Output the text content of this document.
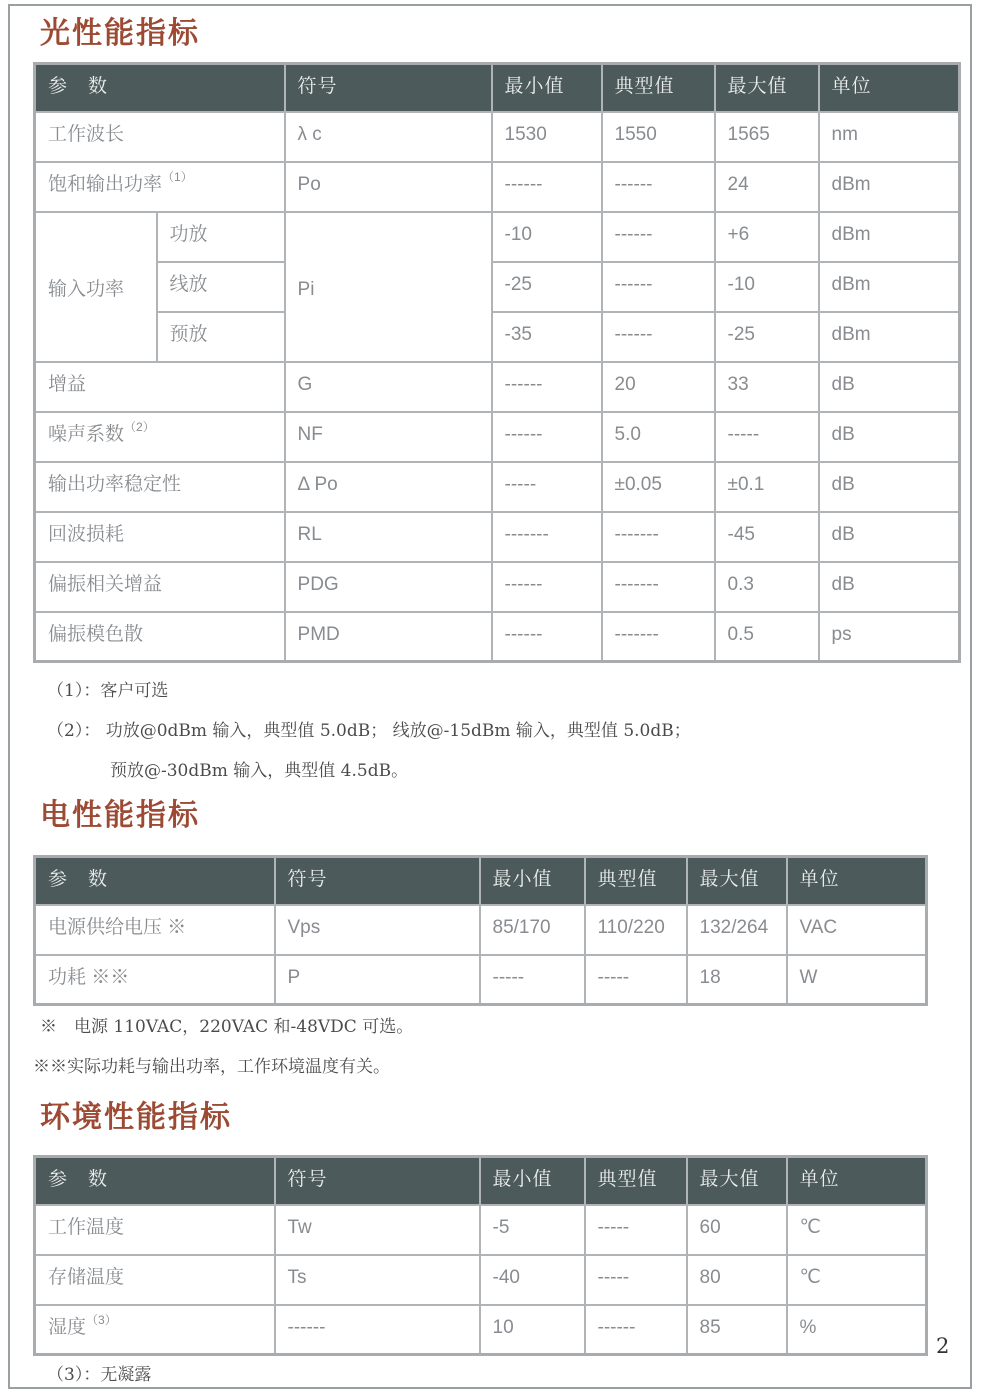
光性能指标
参　数		符号	最小值	典型值	最大值	单位
工作波长		λ c	1530	1550	1565	nm
饱和输出功率$^{(1)}$		Po	------	------	24	dBm
输入功率	功放	Pi	-10	------	+6	dBm
	线放		-25	------	-10	dBm
	预放		-35	------	-25	dBm
增益		G	------	20	33	dB
噪声系数$^{(2)}$		NF	------	5.0	-----	dB
输出功率稳定性		Δ Po	-----	±0.05	±0.1	dB
回波损耗		RL	-------	-------	-45	dB
偏振相关增益		PDG	------	-------	0.3	dB
偏振模色散		PMD	------	-------	0.5	ps
（1）：客户可选
（2）： 功放@0dBm 输入，典型值 5.0dB； 线放@-15dBm 输入，典型值 5.0dB；
预放@-30dBm 输入，典型值 4.5dB。
电性能指标
参　数	符号	最小值	典型值	最大值	单位
电源供给电压 ※	Vps	85/170	110/220	132/264	VAC
功耗 ※※	P	-----	-----	18	W
※　电源 110VAC，220VAC 和-48VDC 可选。
※※实际功耗与输出功率，工作环境温度有关。
环境性能指标
参　数	符号	最小值	典型值	最大值	单位
工作温度	Tw	-5	-----	60	℃
存储温度	Ts	-40	-----	80	℃
湿度$^{(3)}$	------	10	------	85	%
（3）：无凝露
2
